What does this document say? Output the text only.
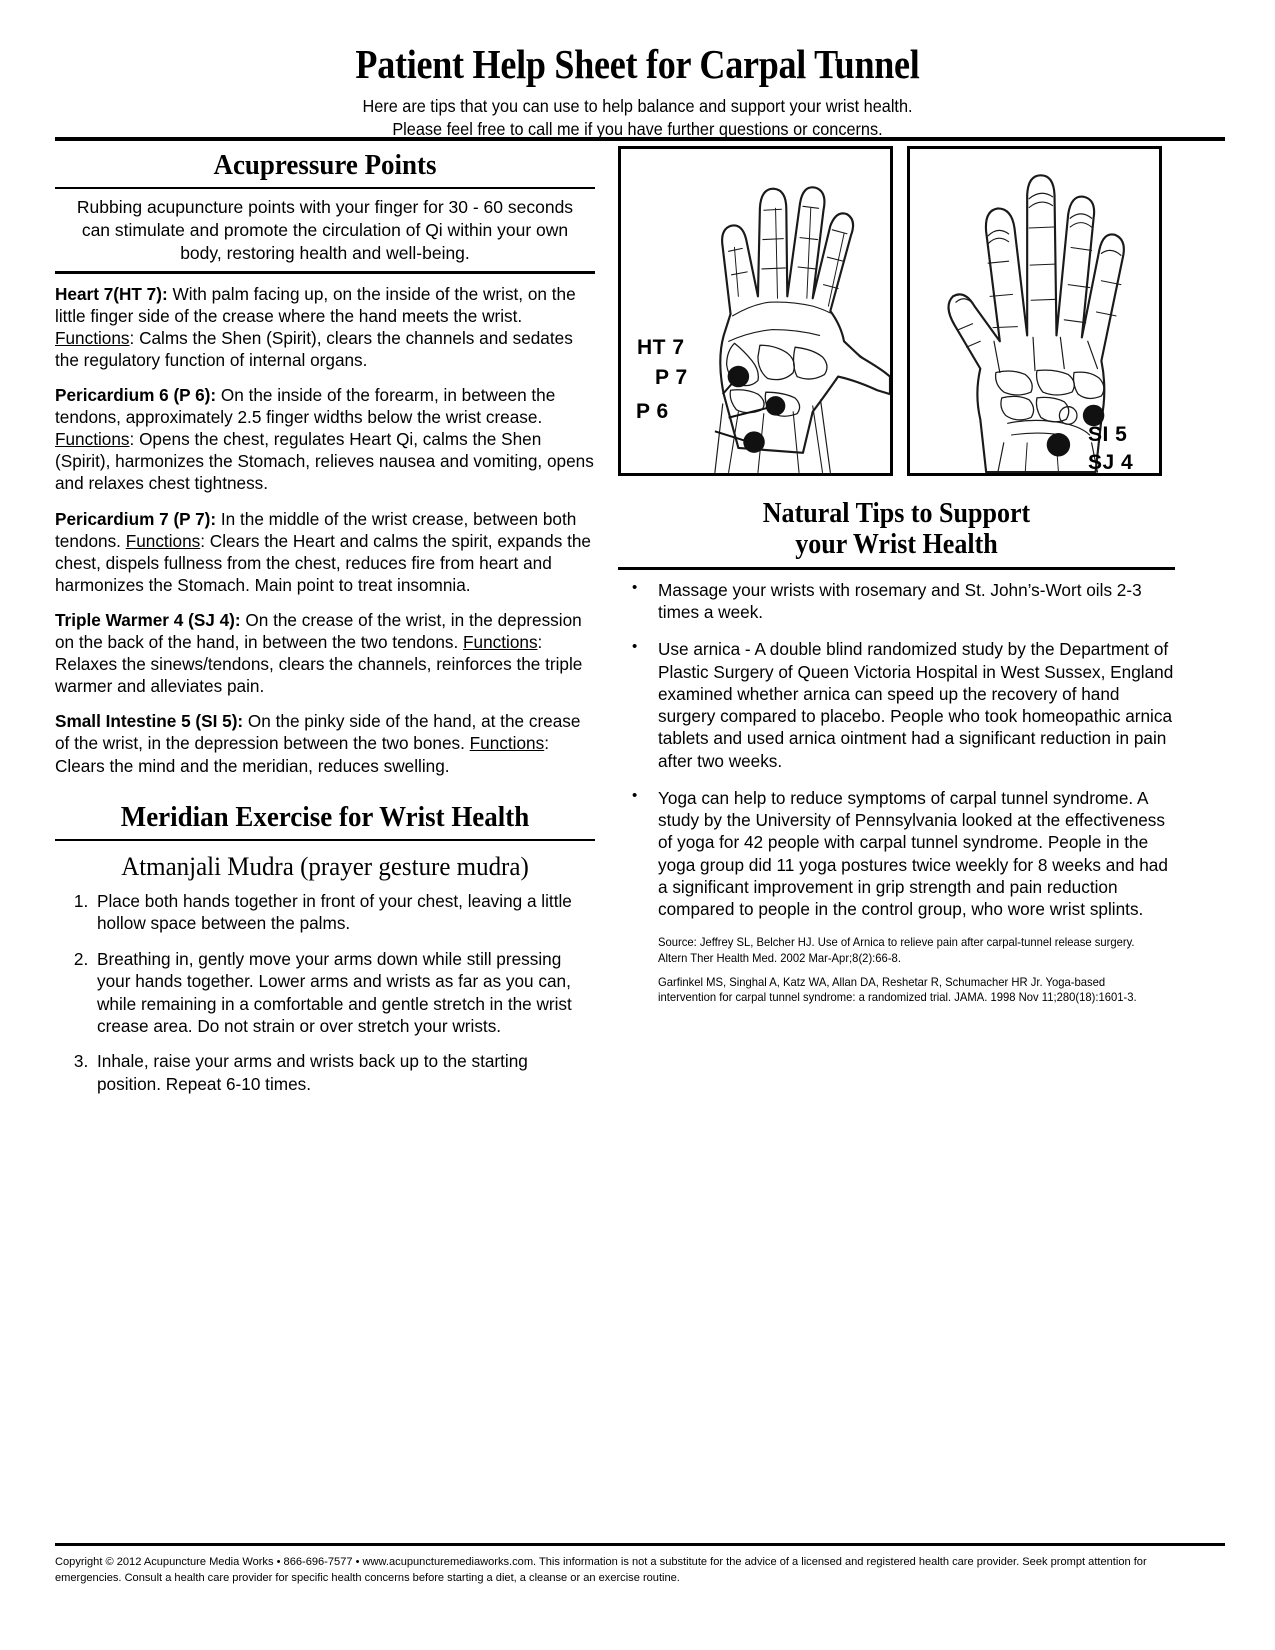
Patient Help Sheet for Carpal Tunnel
Here are tips that you can use to help balance and support your wrist health.
Please feel free to call me if you have further questions or concerns.
Acupressure Points
Rubbing acupuncture points with your finger for 30 - 60 seconds can stimulate and promote the circulation of Qi within your own body, restoring health and well-being.

Heart 7(HT 7): With palm facing up, on the inside of the wrist, on the little finger side of the crease where the hand meets the wrist. Functions: Calms the Shen (Spirit), clears the channels and sedates the regulatory function of internal organs.

Pericardium 6 (P 6): On the inside of the forearm, in between the tendons, approximately 2.5 finger widths below the wrist crease. Functions: Opens the chest, regulates Heart Qi, calms the Shen (Spirit), harmonizes the Stomach, relieves nausea and vomiting, opens and relaxes chest tightness.

Pericardium 7 (P 7): In the middle of the wrist crease, between both tendons. Functions: Clears the Heart and calms the spirit, expands the chest, dispels fullness from the chest, reduces fire from heart and harmonizes the Stomach. Main point to treat insomnia.

Triple Warmer 4 (SJ 4): On the crease of the wrist, in the depression on the back of the hand, in between the two tendons. Functions: Relaxes the sinews/tendons, clears the channels, reinforces the triple warmer and alleviates pain.

Small Intestine 5 (SI 5): On the pinky side of the hand, at the crease of the wrist, in the depression between the two bones. Functions: Clears the mind and the meridian, reduces swelling.

Meridian Exercise for Wrist Health
Atmanjali Mudra (prayer gesture mudra)
1. Place both hands together in front of your chest, leaving a little hollow space between the palms.
2. Breathing in, gently move your arms down while still pressing your hands together. Lower arms and wrists as far as you can, while remaining in a comfortable and gentle stretch in the wrist crease area. Do not strain or over stretch your wrists.
3. Inhale, raise your arms and wrists back up to the starting position. Repeat 6-10 times.
HT 7
P 7
P 6
SI 5
SJ 4
Natural Tips to Support
your Wrist Health
• Massage your wrists with rosemary and St. John’s-Wort oils 2-3 times a week.
• Use arnica - A double blind randomized study by the Department of Plastic Surgery of Queen Victoria Hospital in West Sussex, England examined whether arnica can speed up the recovery of hand surgery compared to placebo. People who took homeopathic arnica tablets and used arnica ointment had a significant reduction in pain after two weeks.
• Yoga can help to reduce symptoms of carpal tunnel syndrome. A study by the University of Pennsylvania looked at the effectiveness of yoga for 42 people with carpal tunnel syndrome. People in the yoga group did 11 yoga postures twice weekly for 8 weeks and had a significant improvement in grip strength and pain reduction compared to people in the control group, who wore wrist splints.
Source: Jeffrey SL, Belcher HJ. Use of Arnica to relieve pain after carpal-tunnel release surgery. Altern Ther Health Med. 2002 Mar-Apr;8(2):66-8.
Garfinkel MS, Singhal A, Katz WA, Allan DA, Reshetar R, Schumacher HR Jr. Yoga-based intervention for carpal tunnel syndrome: a randomized trial. JAMA. 1998 Nov 11;280(18):1601-3.
Copyright © 2012 Acupuncture Media Works • 866-696-7577 • www.acupuncturemediaworks.com. This information is not a substitute for the advice of a licensed and registered health care provider. Seek prompt attention for emergencies. Consult a health care provider for specific health concerns before starting a diet, a cleanse or an exercise routine.
